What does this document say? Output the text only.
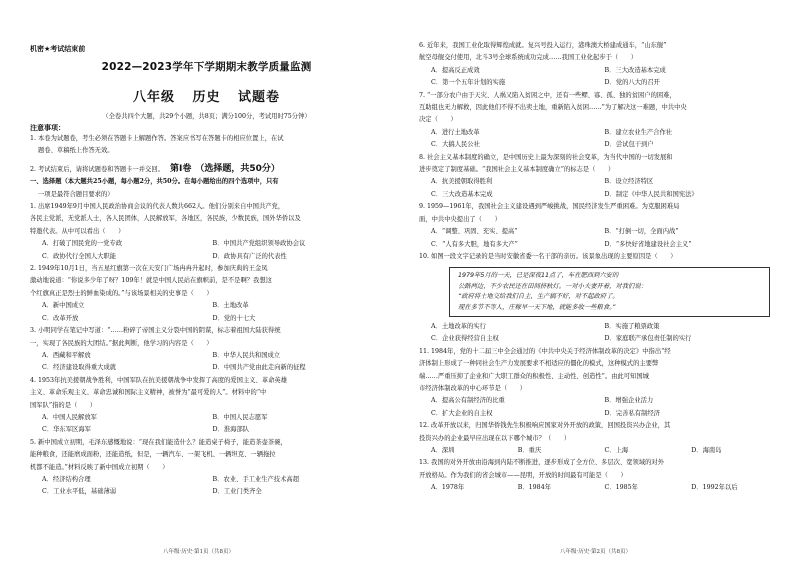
机密★考试结束前
2022—2023学年下学期期末教学质量监测
八年级 历史 试题卷
（全卷共四个大题，共29个小题，共8页；满分100分，考试用时75分钟）
注意事项：

1. 本卷为试题卷，考生必须在答题卡上解题作答。答案应书写在答题卡的相应位置上，在试

题卷、草稿纸上作答无效。

2. 考试结束后，请将试题卷和答题卡一并交回。 第Ⅰ卷 （选择题，共50分）

一、选择题（本大题共25小题，每小题2分，共50分。在每小题给出的四个选项中，只有

一项是最符合题目要求的）

1. 出席1949年9月中国人民政治协商会议的代表人数共662人。他们分别来自中国共产党，

各民主党派，无党派人士，各人民团体，人民解放军，各地区，各民族，少数民族，国外华侨以及

特邀代表。从中可以看出（　　）

A．打破了国民党的一党专政	B．中国共产党组织领导政协会议
C．政协代行全国人大职能	D．政协具有广泛的代表性

2. 1949年10月1日，当五星红旗第一次在天安门广场冉冉升起时，参加庆典的王金凤

激动地说道：“你说多少年了呀？109年！就是中国人民站在旗帜前，是不是啊？我想这

个红旗真正是烈士的鲜血染成的。”与该场景相关的史事是（　　）

A．新中国成立	B．土地改革
C．改革开放	D．党的十七大

3. 小明同学在笔记中写道：“……粉碎了帝国主义分裂中国的阴谋，标志着祖国大陆获得统

一，实现了各民族的大团结。”据此判断，他学习的内容是（　　）

A．西藏和平解放	B．中华人民共和国成立
C．经济建设取得重大成就	D．中国共产党由此走向新的征程

4. 1953年抗美援朝战争胜利，中国军队在抗美援朝战争中发挥了高度的爱国主义、革命英雄

主义、革命乐观主义、革命忠诚和国际主义精神，被誉为“最可爱的人”。材料中的“中

国军队”指的是（　　）

A．中国人民解放军	B．中国人民志愿军
C．华东军区海军	D．淮海部队

5. 新中国成立初期，毛泽东感慨地说：“现在我们能造什么？能造桌子椅子，能造茶壶茶碗，

能种粮食，还能磨成面粉，还能造纸，但是，一辆汽车、一架飞机、一辆坦克、一辆拖拉

机都不能造。”材料反映了新中国成立初期（　　）

A．经济结构合理	B．农业、手工业生产技术高超
C．工业水平低，基础薄弱	D．工业门类齐全
八年级·历史·第1页（共8页）

6. 近年来，我国工业化取得辉煌成就。复兴号投入运行，港珠澳大桥建成通车，“山东舰”

航空母舰交付使用，北斗3号全球系统成功完成……我国工业化起步于（　　）

A．提高反正成效	B．三大改造基本完成
C．第一个五年计划的实施	D．党的八大的召开

7. “一部分农户由于天灾、人祸又陷入贫困之中，还有一些鳏、寡、孤、独的贫困户的困难，

互助组也无力解救，因此他们不得不出卖土地，重新陷入贫困……”为了解决这一难题，中共中央

决定（　　）

A．进行土地改革	B．建立农业生产合作社
C．大搞人民公社	D．尝试包干到户

8. 社会主义基本制度的确立，是中国历史上最为深刻的社会变革，为当代中国的一切发展和

进步奠定了制度基础。“我国社会主义基本制度确立”的标志是（　　）

A．抗美援朝取得胜利	B．设立经济特区
C．三大改造基本完成	D．制定《中华人民共和国宪法》

9. 1959—1961年，我国社会主义建设遇到严峻挑战，国民经济发生严重困难。为克服困难局

面，中共中央提出了（　　）

A．“调整、巩固、充实、提高”	B．“打倒一切，全面内战”
C．“人有多大胆，地有多大产”	D．“多快好省地建设社会主义”

10. 如图一段文字记录的是当时安徽省委一名干部的亲历。该景象出现的主要原因是（　　）

1979年5月的一天，已是深夜11点了，车在肥西到六安的
公路两边，不少农民还在田间挤秋灯。一对小夫妻开着，对我们说：
“政府将土地交给我们自主，生产搞不好，对不起政府了。
现在多节不等人，庄稼早一天下地，就能多收一些粮食。”
A．土地改革的实行	B．实施了粮票政策
C．企业获得经营自主权	D．家庭联产承包责任制的实行

11. 1984年，党的十二届三中全会通过的《中共中央关于经济体制改革的决定》中指出“经

济体制上形成了一种同社会生产力发展要求不相适应的僵化的模式，这种模式的主要弊

端……严重压抑了企业和广大职工群众的积极性、主动性、创造性”。由此可知国城

市经济体制改革的中心环节是（　　）

A．提高公有制经济的比重	B．增强企业活力
C．扩大企业的自主权	D．完善私有制经济

12. 改革开放以来，归国华侨钱先生积极响应国家对外开放的政策，回国投资兴办企业，其

投资兴办的企业最早应出现在以下哪个城市？（　　）

A．深圳	B．重庆	C．上海	D．海南岛

13. 我国的对外开放由沿海到内陆不断推进，逐步形成了全方位、多层次、宽领域的对外

开放格局。作为我们的省会城市——昆明，开放的时间最有可能是（　　）

A．1978年	B．1984年	C．1985年	D．1992年以后
八年级·历史·第2页（共8页）
